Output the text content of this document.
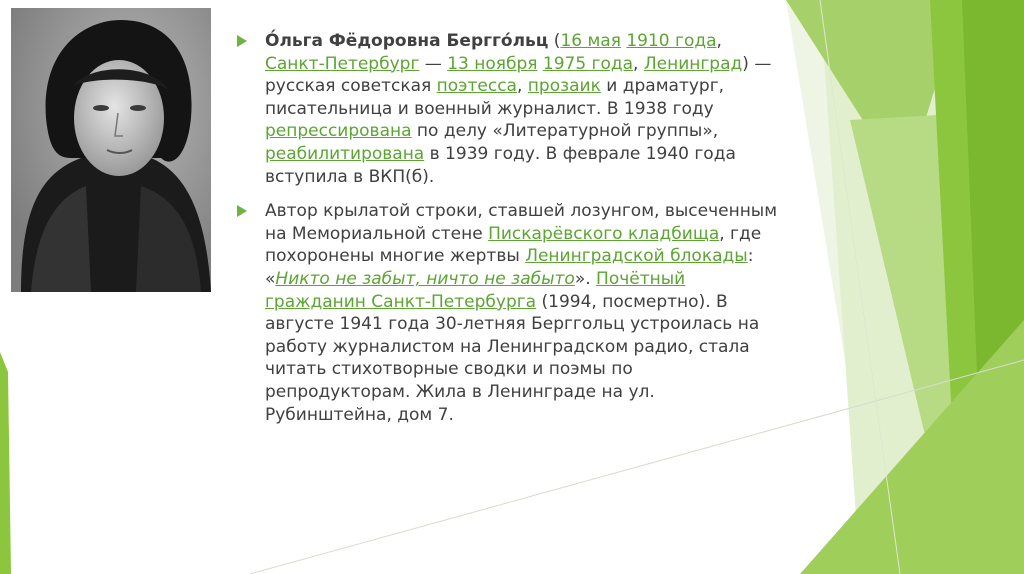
Ольга Фёдоровна Берггольц (16 мая 1910 года, Санкт-Петербург — 13 ноября 1975 года, Ленинград) — русская советская поэтесса, прозаик и драматург, писательница и военный журналист. В 1938 году репрессирована по делу «Литературной группы», реабилитирована в 1939 году. В феврале 1940 года вступила в ВКП(б).

Автор крылатой строки, ставшей лозунгом, высеченным на Мемориальной стене Пискарёвского кладбища, где похоронены многие жертвы Ленинградской блокады: «Никто не забыт, ничто не забыто». Почётный гражданин Санкт-Петербурга (1994, посмертно). В августе 1941 года 30-летняя Берггольц устроилась на работу журналистом на Ленинградском радио, стала читать стихотворные сводки и поэмы по репродукторам. Жила в Ленинграде на ул. Рубинштейна, дом 7.
